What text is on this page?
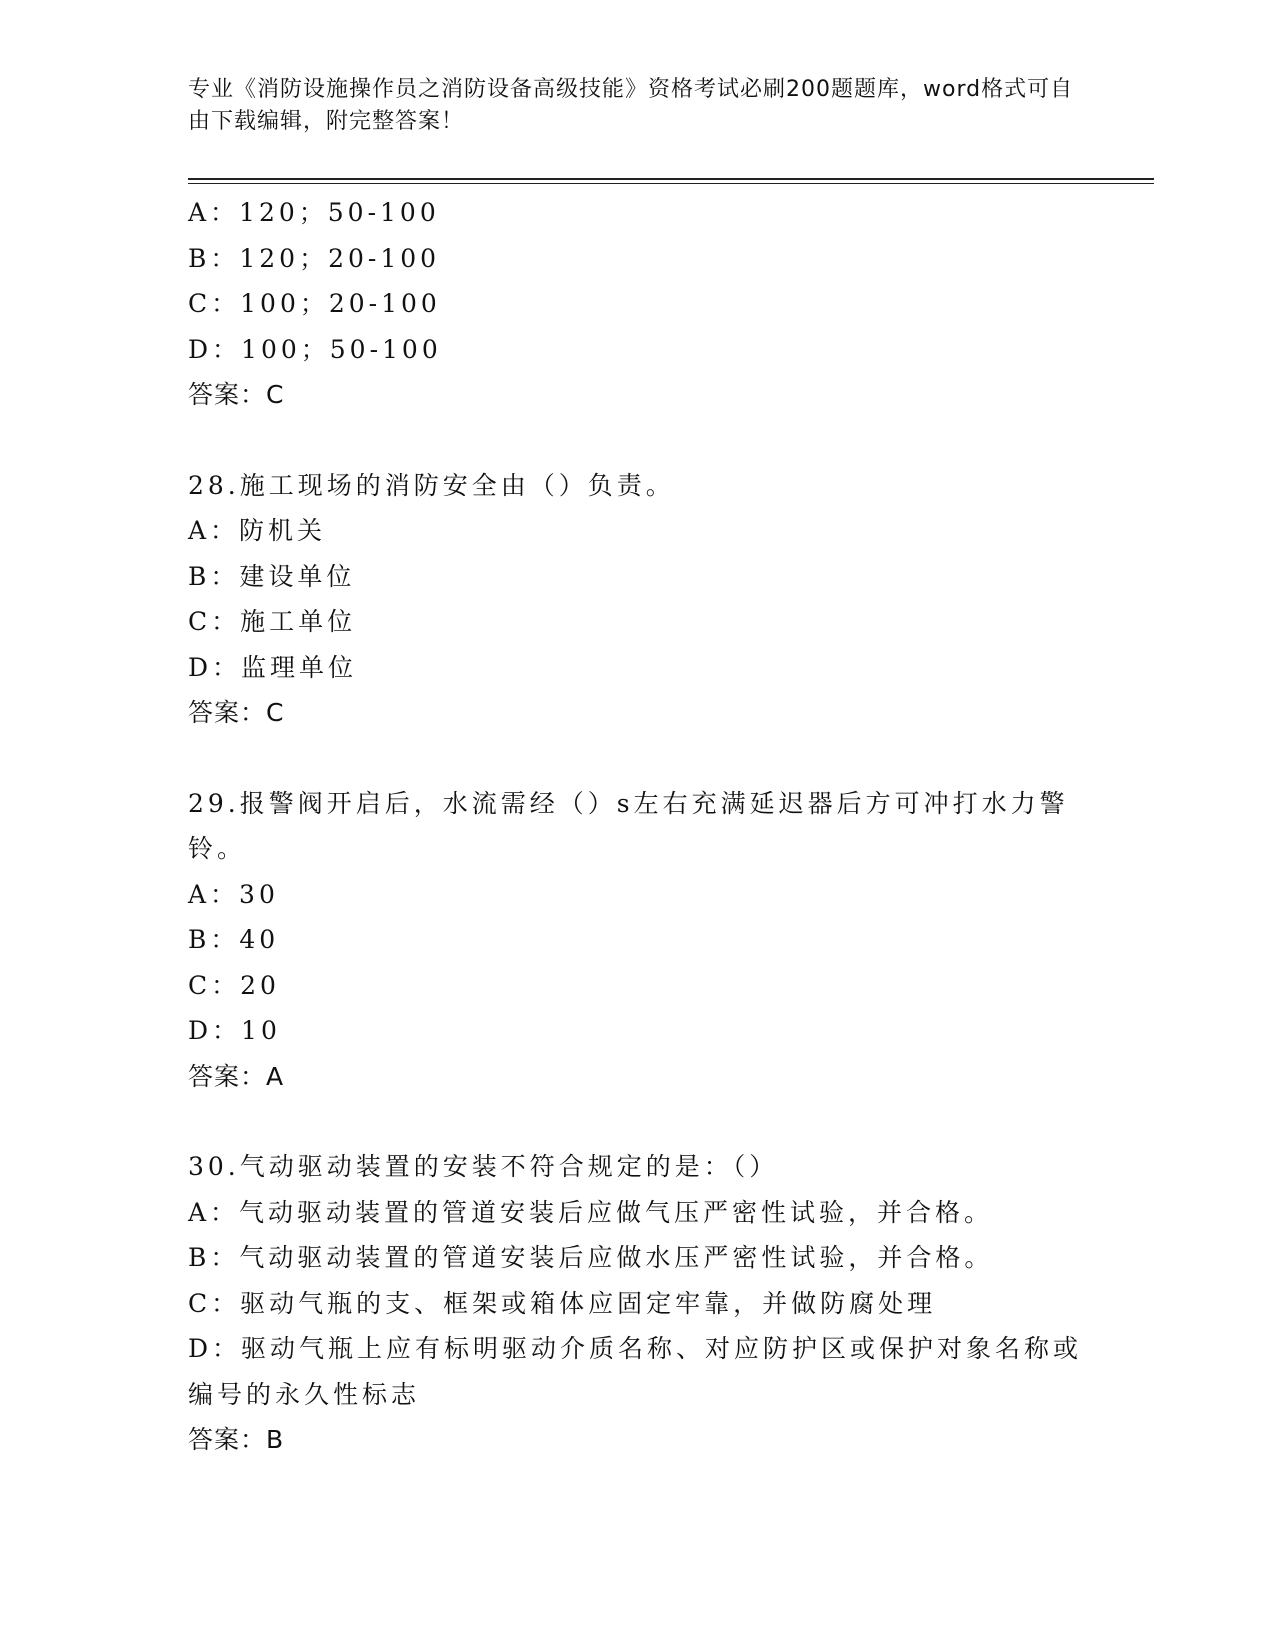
专业《消防设施操作员之消防设备高级技能》资格考试必刷200题题库，word格式可自由下载编辑，附完整答案！
A：120；50-100
B：120；20-100
C：100；20-100
D：100；50-100
答案：C
28.施工现场的消防安全由（）负责。
A：防机关
B：建设单位
C：施工单位
D：监理单位
答案：C
29.报警阀开启后，水流需经（）s左右充满延迟器后方可冲打水力警铃。
A：30
B：40
C：20
D：10
答案：A
30.气动驱动装置的安装不符合规定的是：（）
A：气动驱动装置的管道安装后应做气压严密性试验，并合格。
B：气动驱动装置的管道安装后应做水压严密性试验，并合格。
C：驱动气瓶的支、框架或箱体应固定牢靠，并做防腐处理
D：驱动气瓶上应有标明驱动介质名称、对应防护区或保护对象名称或编号的永久性标志
答案：B
